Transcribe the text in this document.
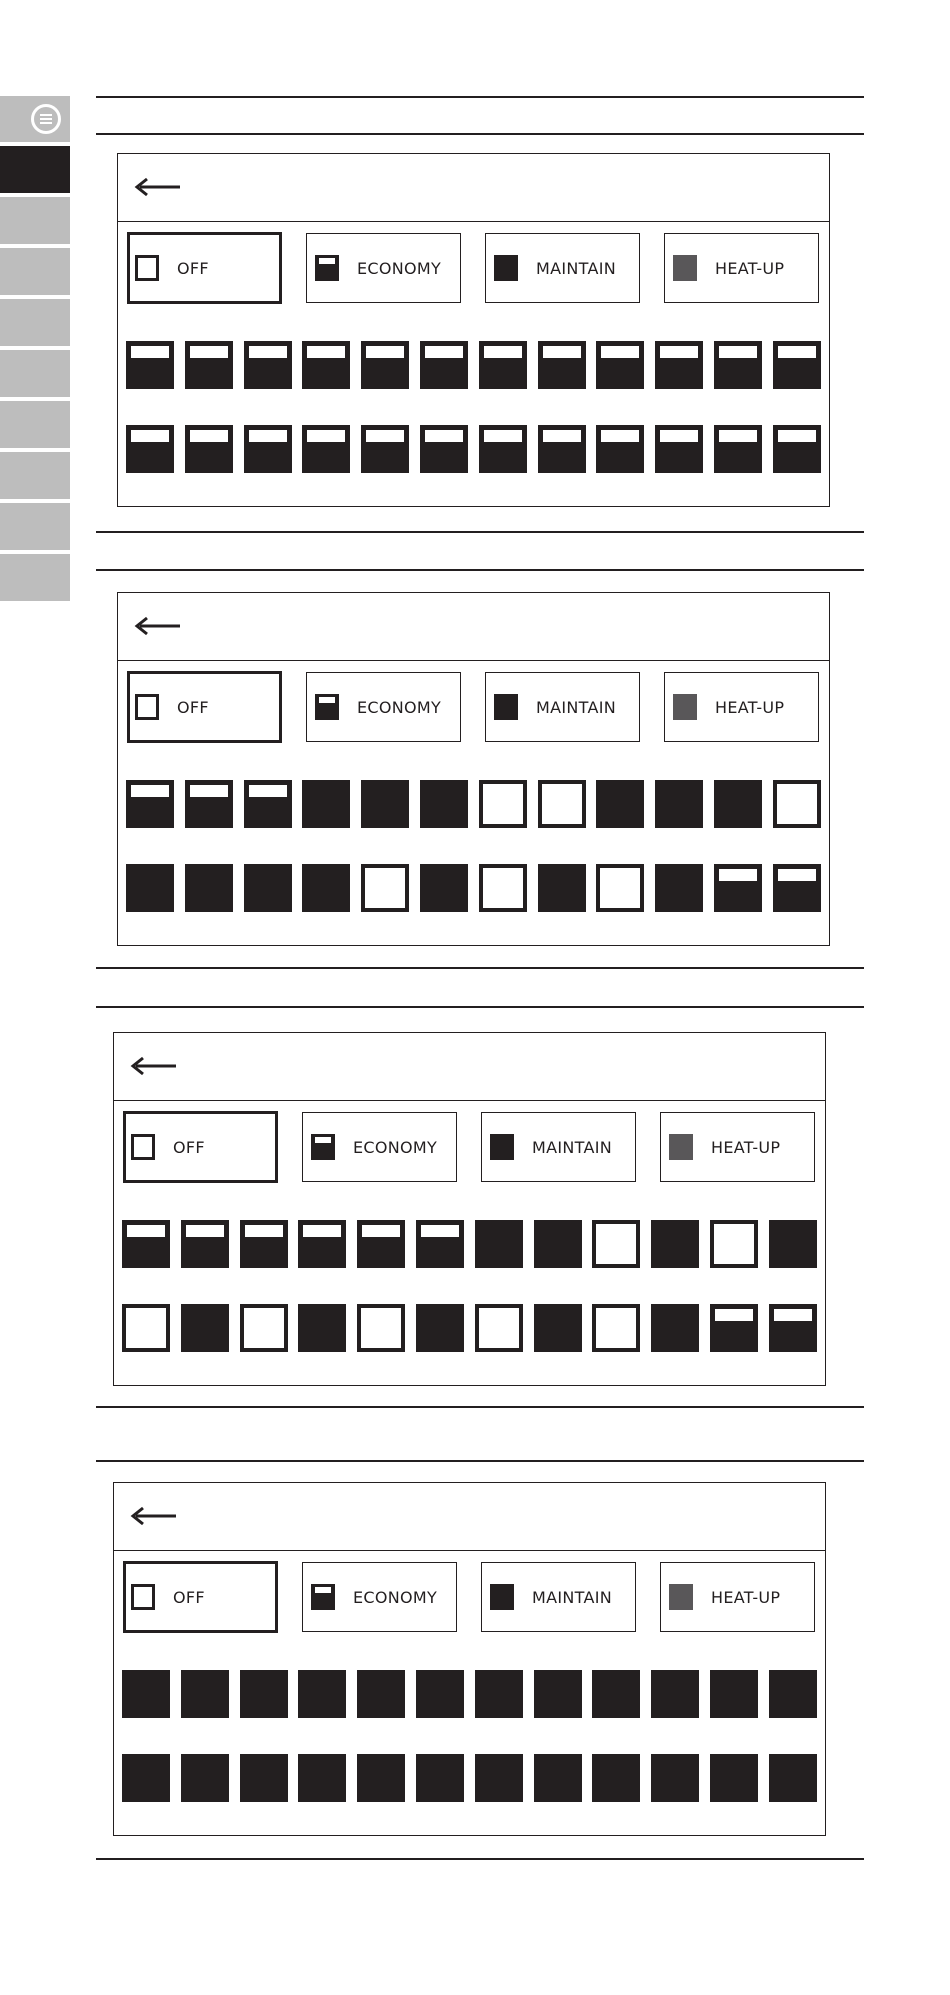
OFF	ECONOMY	MAINTAIN	HEAT-UP
OFF	ECONOMY	MAINTAIN	HEAT-UP
OFF	ECONOMY	MAINTAIN	HEAT-UP
OFF	ECONOMY	MAINTAIN	HEAT-UP
